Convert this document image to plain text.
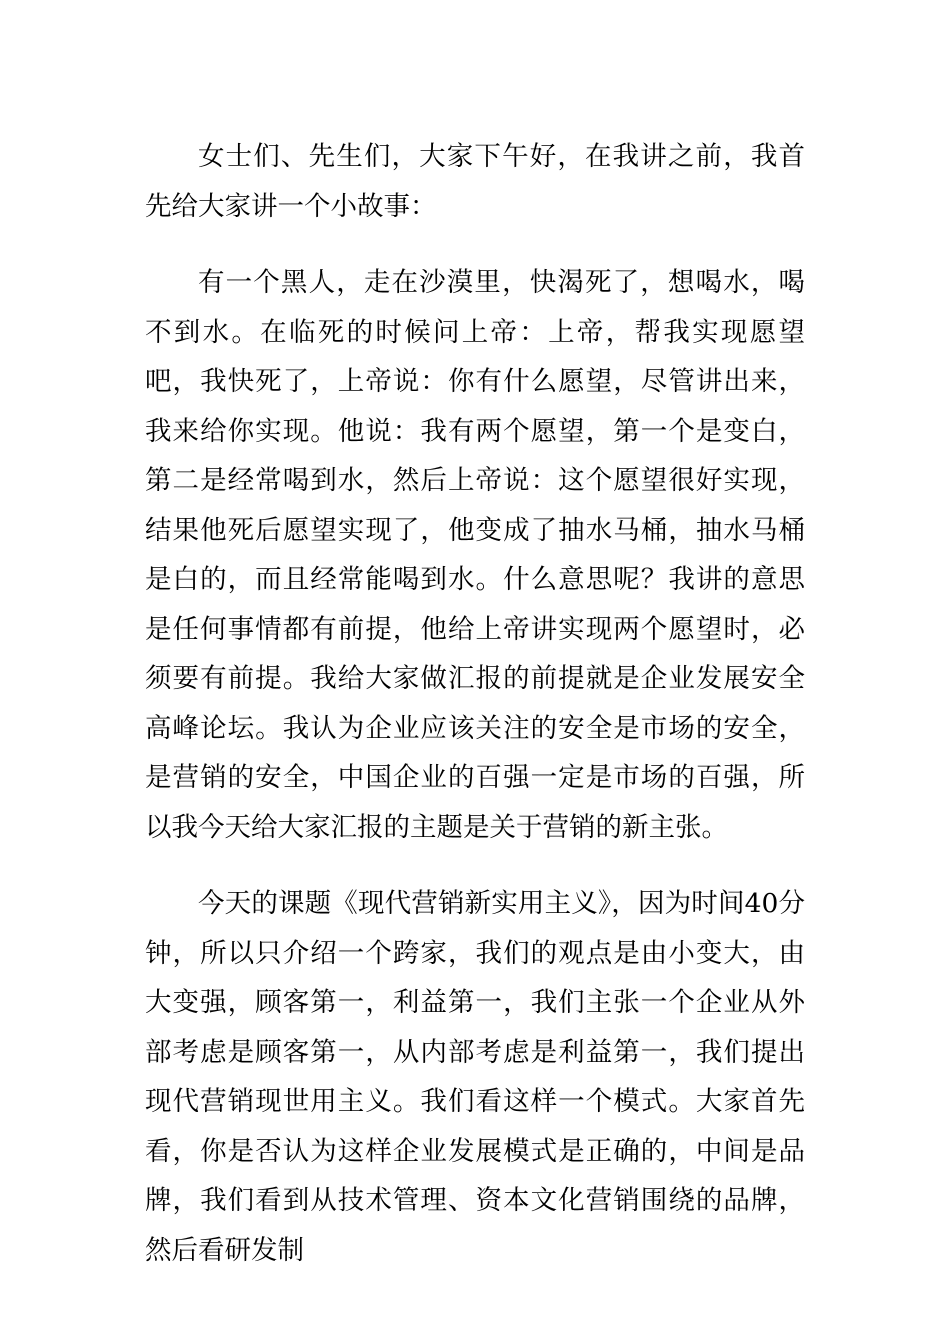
女士们、先生们，大家下午好，在我讲之前，我首先给大家讲一个小故事：

有一个黑人，走在沙漠里，快渴死了，想喝水，喝不到水。在临死的时候问上帝：上帝，帮我实现愿望吧，我快死了，上帝说：你有什么愿望，尽管讲出来，我来给你实现。他说：我有两个愿望，第一个是变白，第二是经常喝到水，然后上帝说：这个愿望很好实现，结果他死后愿望实现了，他变成了抽水马桶，抽水马桶是白的，而且经常能喝到水。什么意思呢？我讲的意思是任何事情都有前提，他给上帝讲实现两个愿望时，必须要有前提。我给大家做汇报的前提就是企业发展安全高峰论坛。我认为企业应该关注的安全是市场的安全，是营销的安全，中国企业的百强一定是市场的百强，所以我今天给大家汇报的主题是关于营销的新主张。

今天的课题《现代营销新实用主义》，因为时间40分钟，所以只介绍一个跨家，我们的观点是由小变大，由大变强，顾客第一，利益第一，我们主张一个企业从外部考虑是顾客第一，从内部考虑是利益第一，我们提出现代营销现世用主义。我们看这样一个模式。大家首先看，你是否认为这样企业发展模式是正确的，中间是品牌，我们看到从技术管理、资本文化营销围绕的品牌，然后看研发制
